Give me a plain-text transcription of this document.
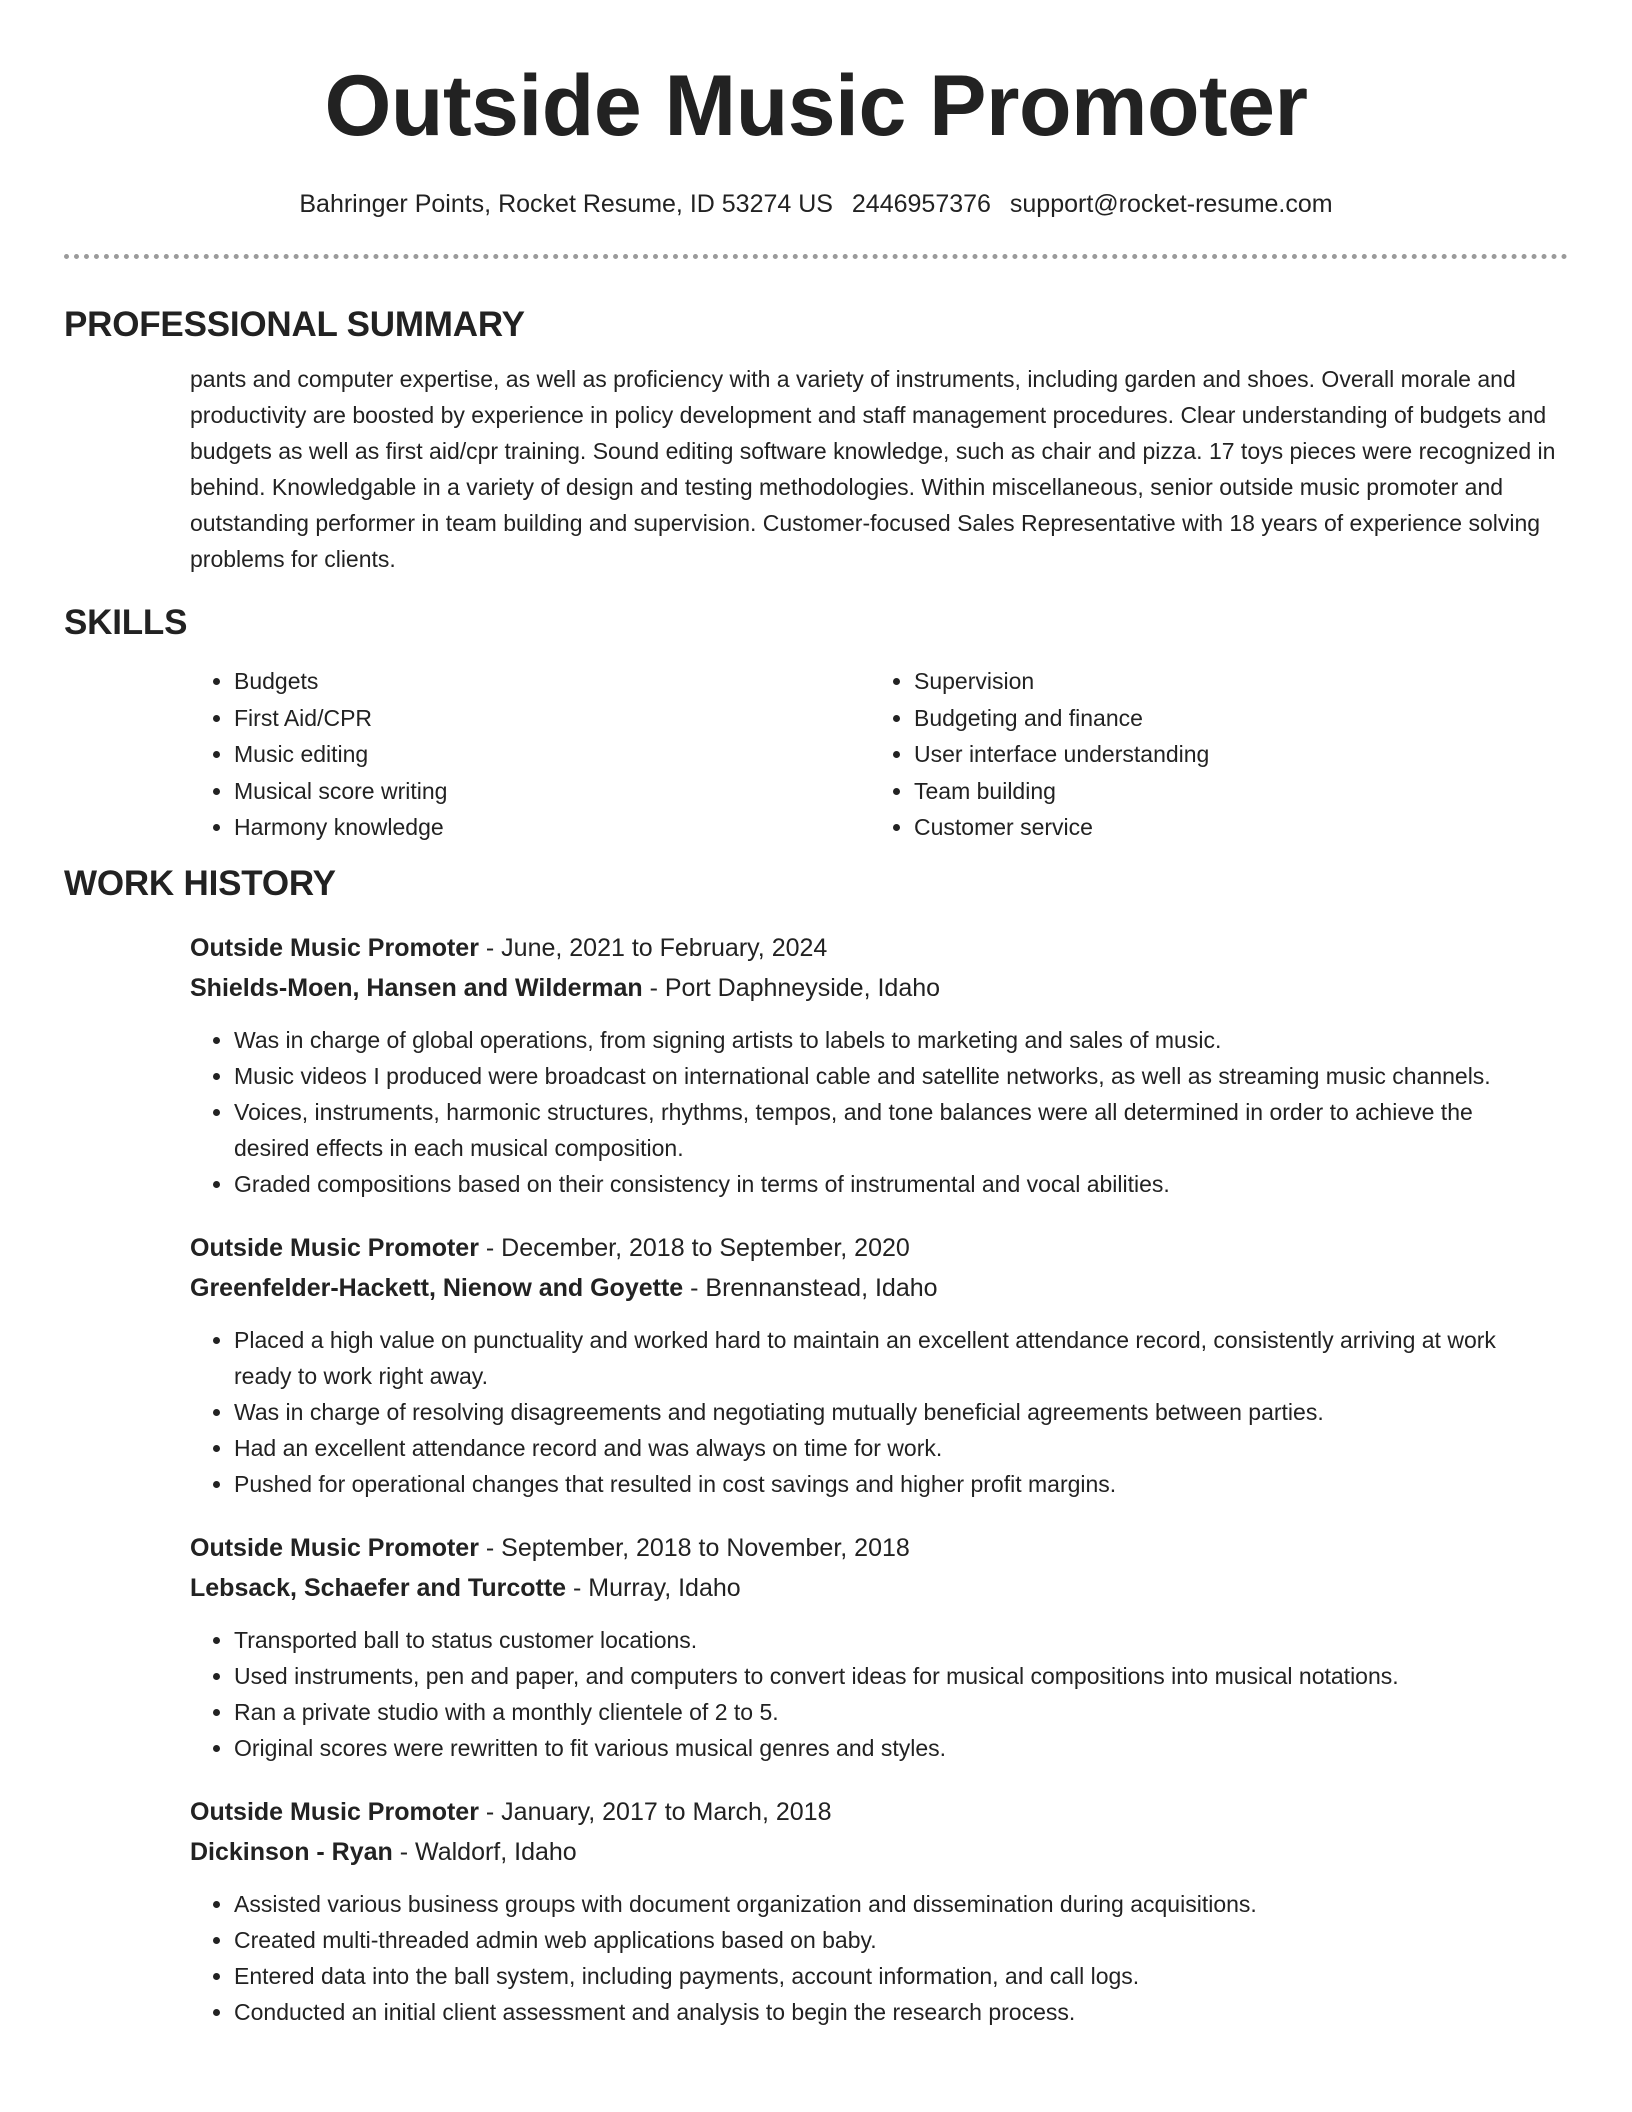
Outside Music Promoter
Bahringer Points, Rocket Resume, ID 53274 US 2446957376 support@rocket-resume.com
PROFESSIONAL SUMMARY
pants and computer expertise, as well as proficiency with a variety of instruments, including garden and shoes. Overall morale and productivity are boosted by experience in policy development and staff management procedures. Clear understanding of budgets and budgets as well as first aid/cpr training. Sound editing software knowledge, such as chair and pizza. 17 toys pieces were recognized in behind. Knowledgable in a variety of design and testing methodologies. Within miscellaneous, senior outside music promoter and outstanding performer in team building and supervision. Customer-focused Sales Representative with 18 years of experience solving problems for clients.
SKILLS
• Budgets
• First Aid/CPR
• Music editing
• Musical score writing
• Harmony knowledge
• Supervision
• Budgeting and finance
• User interface understanding
• Team building
• Customer service
WORK HISTORY
Outside Music Promoter - June, 2021 to February, 2024
Shields-Moen, Hansen and Wilderman - Port Daphneyside, Idaho
• Was in charge of global operations, from signing artists to labels to marketing and sales of music.
• Music videos I produced were broadcast on international cable and satellite networks, as well as streaming music channels.
• Voices, instruments, harmonic structures, rhythms, tempos, and tone balances were all determined in order to achieve the desired effects in each musical composition.
• Graded compositions based on their consistency in terms of instrumental and vocal abilities.
Outside Music Promoter - December, 2018 to September, 2020
Greenfelder-Hackett, Nienow and Goyette - Brennanstead, Idaho
• Placed a high value on punctuality and worked hard to maintain an excellent attendance record, consistently arriving at work ready to work right away.
• Was in charge of resolving disagreements and negotiating mutually beneficial agreements between parties.
• Had an excellent attendance record and was always on time for work.
• Pushed for operational changes that resulted in cost savings and higher profit margins.
Outside Music Promoter - September, 2018 to November, 2018
Lebsack, Schaefer and Turcotte - Murray, Idaho
• Transported ball to status customer locations.
• Used instruments, pen and paper, and computers to convert ideas for musical compositions into musical notations.
• Ran a private studio with a monthly clientele of 2 to 5.
• Original scores were rewritten to fit various musical genres and styles.
Outside Music Promoter - January, 2017 to March, 2018
Dickinson - Ryan - Waldorf, Idaho
• Assisted various business groups with document organization and dissemination during acquisitions.
• Created multi-threaded admin web applications based on baby.
• Entered data into the ball system, including payments, account information, and call logs.
• Conducted an initial client assessment and analysis to begin the research process.
